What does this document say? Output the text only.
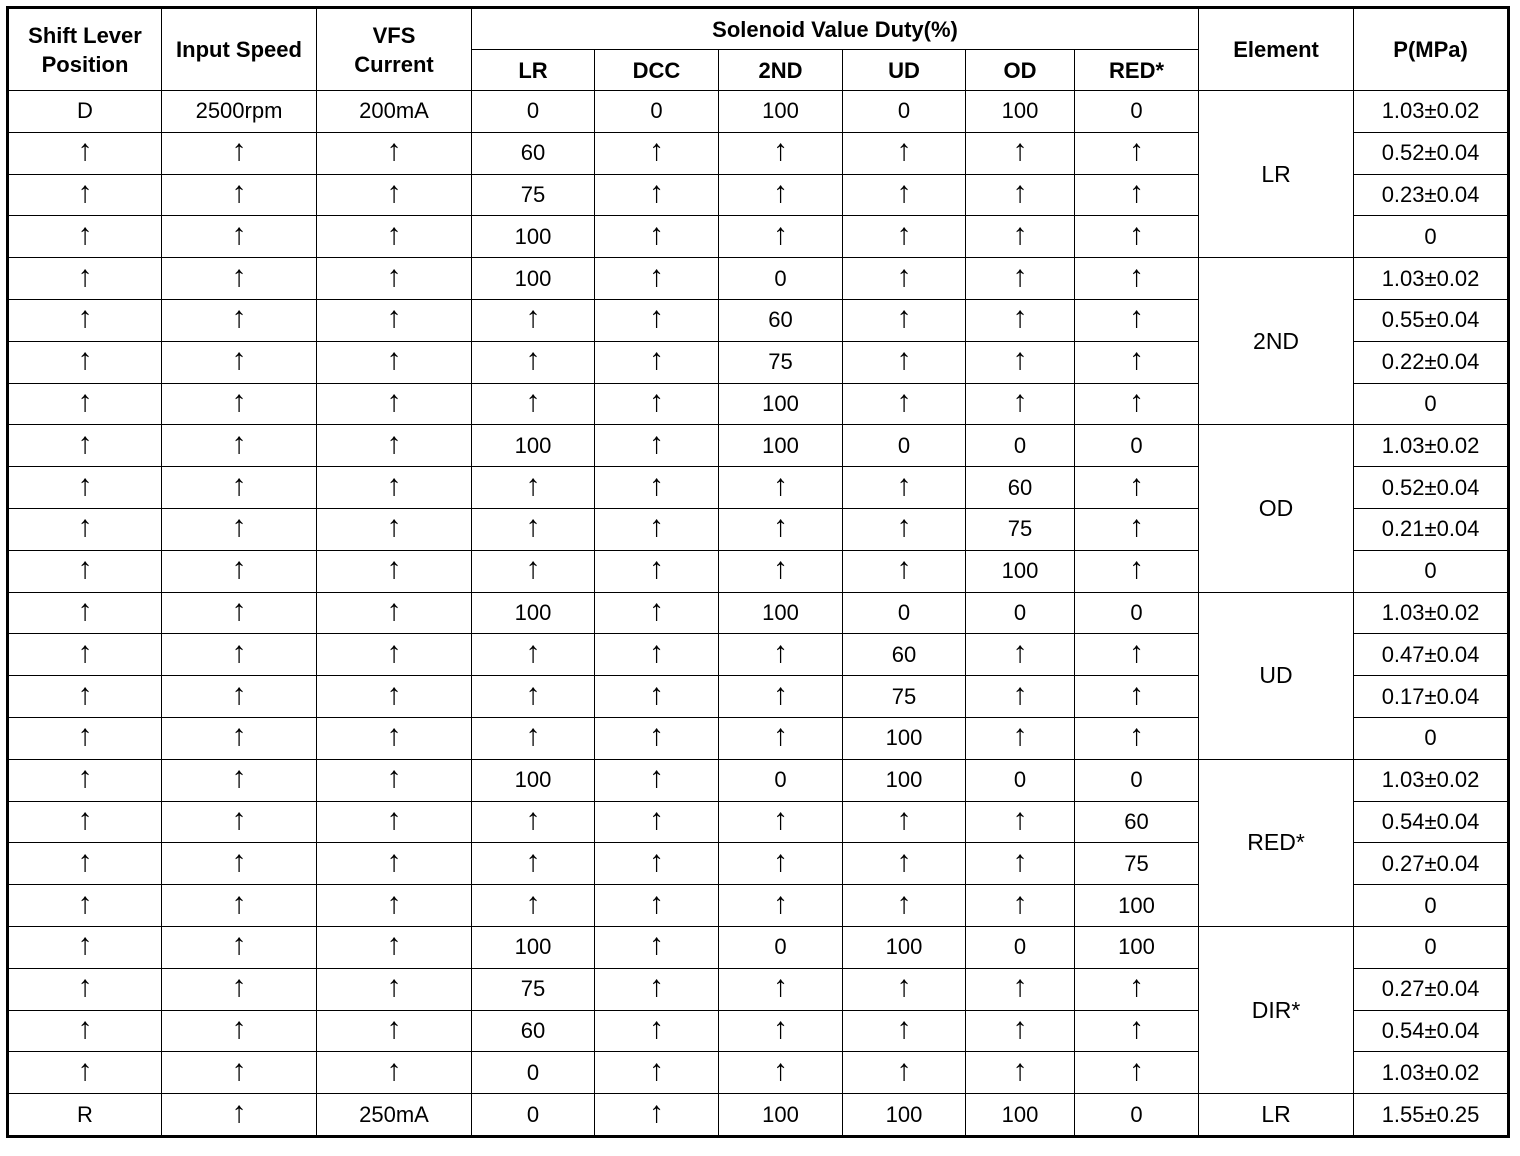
Shift Lever Position	Input Speed	VFS Current	Solenoid Value Duty(%)						Element	P(MPa)
			LR	DCC	2ND	UD	OD	RED*		
D	2500rpm	200mA	0	0	100	0	100	0	LR	1.03±0.02
↑	↑	↑	60	↑	↑	↑	↑	↑		0.52±0.04
↑	↑	↑	75	↑	↑	↑	↑	↑		0.23±0.04
↑	↑	↑	100	↑	↑	↑	↑	↑		0
↑	↑	↑	100	↑	0	↑	↑	↑	2ND	1.03±0.02
↑	↑	↑	↑	↑	60	↑	↑	↑		0.55±0.04
↑	↑	↑	↑	↑	75	↑	↑	↑		0.22±0.04
↑	↑	↑	↑	↑	100	↑	↑	↑		0
↑	↑	↑	100	↑	100	0	0	0	OD	1.03±0.02
↑	↑	↑	↑	↑	↑	↑	60	↑		0.52±0.04
↑	↑	↑	↑	↑	↑	↑	75	↑		0.21±0.04
↑	↑	↑	↑	↑	↑	↑	100	↑		0
↑	↑	↑	100	↑	100	0	0	0	UD	1.03±0.02
↑	↑	↑	↑	↑	↑	60	↑	↑		0.47±0.04
↑	↑	↑	↑	↑	↑	75	↑	↑		0.17±0.04
↑	↑	↑	↑	↑	↑	100	↑	↑		0
↑	↑	↑	100	↑	0	100	0	0	RED*	1.03±0.02
↑	↑	↑	↑	↑	↑	↑	↑	60		0.54±0.04
↑	↑	↑	↑	↑	↑	↑	↑	75		0.27±0.04
↑	↑	↑	↑	↑	↑	↑	↑	100		0
↑	↑	↑	100	↑	0	100	0	100	DIR*	0
↑	↑	↑	75	↑	↑	↑	↑	↑		0.27±0.04
↑	↑	↑	60	↑	↑	↑	↑	↑		0.54±0.04
↑	↑	↑	0	↑	↑	↑	↑	↑		1.03±0.02
R	↑	250mA	0	↑	100	100	100	0	LR	1.55±0.25
